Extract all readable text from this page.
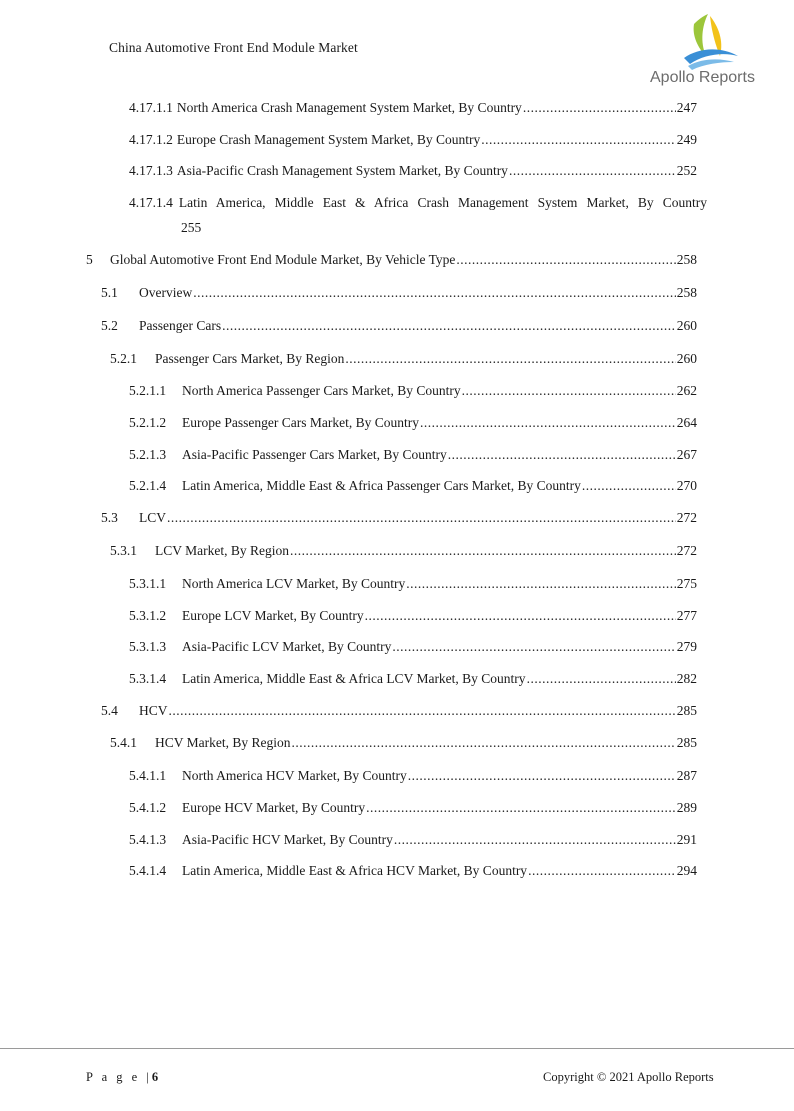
China Automotive Front End Module Market
Apollo Reports
4.17.1.1 North America Crash Management System Market, By Country .....	247
4.17.1.2 Europe Crash Management System Market, By Country .....	249
4.17.1.3 Asia-Pacific Crash Management System Market, By Country .....	252
4.17.1.4 Latin America, Middle East & Africa Crash Management System Market, By Country
255
5	Global Automotive Front End Module Market, By Vehicle Type .....	258
5.1	Overview .....	258
5.2	Passenger Cars .....	260
5.2.1	Passenger Cars Market, By Region .....	260
5.2.1.1	North America Passenger Cars Market, By Country .....	262
5.2.1.2	Europe Passenger Cars Market, By Country .....	264
5.2.1.3	Asia-Pacific Passenger Cars Market, By Country .....	267
5.2.1.4	Latin America, Middle East & Africa Passenger Cars Market, By Country .....	270
5.3	LCV .....	272
5.3.1	LCV Market, By Region .....	272
5.3.1.1	North America LCV Market, By Country .....	275
5.3.1.2	Europe LCV Market, By Country .....	277
5.3.1.3	Asia-Pacific LCV Market, By Country .....	279
5.3.1.4	Latin America, Middle East & Africa LCV Market, By Country .....	282
5.4	HCV .....	285
5.4.1	HCV Market, By Region .....	285
5.4.1.1	North America HCV Market, By Country .....	287
5.4.1.2	Europe HCV Market, By Country .....	289
5.4.1.3	Asia-Pacific HCV Market, By Country .....	291
5.4.1.4	Latin America, Middle East & Africa HCV Market, By Country .....	294
P a g e |6	Copyright © 2021 Apollo Reports
